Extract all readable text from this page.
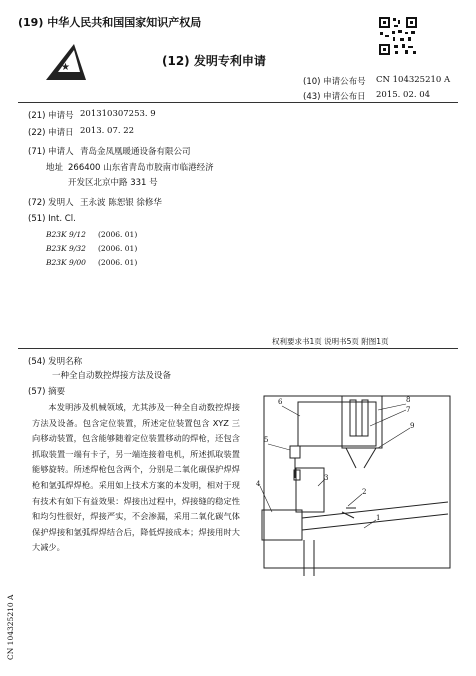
(19) 中华人民共和国国家知识产权局
★	(12) 发明专利申请
(10) 申请公布号 CN 104325210 A
(43) 申请公布日 2015. 02. 04
(21) 申请号 201310307253. 9
(22) 申请日 2013. 07. 22
(71) 申请人 青岛金凤凰暖通设备有限公司
地址 266400 山东省青岛市胶南市临港经济
开发区北京中路 331 号
(72) 发明人 王永波 陈恕银 徐修华
(51) Int. Cl.
B23K 9/12 (2006. 01)
B23K 9/32 (2006. 01)
B23K 9/00 (2006. 01)
权利要求书1页 说明书5页 附图1页
(54) 发明名称
一种全自动数控焊接方法及设备
(57) 摘要
本发明涉及机械领域，尤其涉及一种全自动数控焊接方法及设备。包含定位装置，所述定位装置包含 XYZ 三向移动装置，包含能够随着定位装置移动的焊枪，还包含抓取装置一端有卡子，另一端连接着电机，所述抓取装置能够旋转。所述焊枪包含两个，分别是二氧化碳保护焊焊枪和氩弧焊焊枪。采用如上技术方案的本发明，相对于现有技术有如下有益效果：焊接出过程中，焊接缝的稳定性和均匀性很好，焊接严实，不会渗漏，采用二氧化碳气体保护焊接和氩弧焊焊结合后，降低焊接成本；焊接用时大大减少。
CN 104325210 A
6	8
7
5
9
3
4
2
1
